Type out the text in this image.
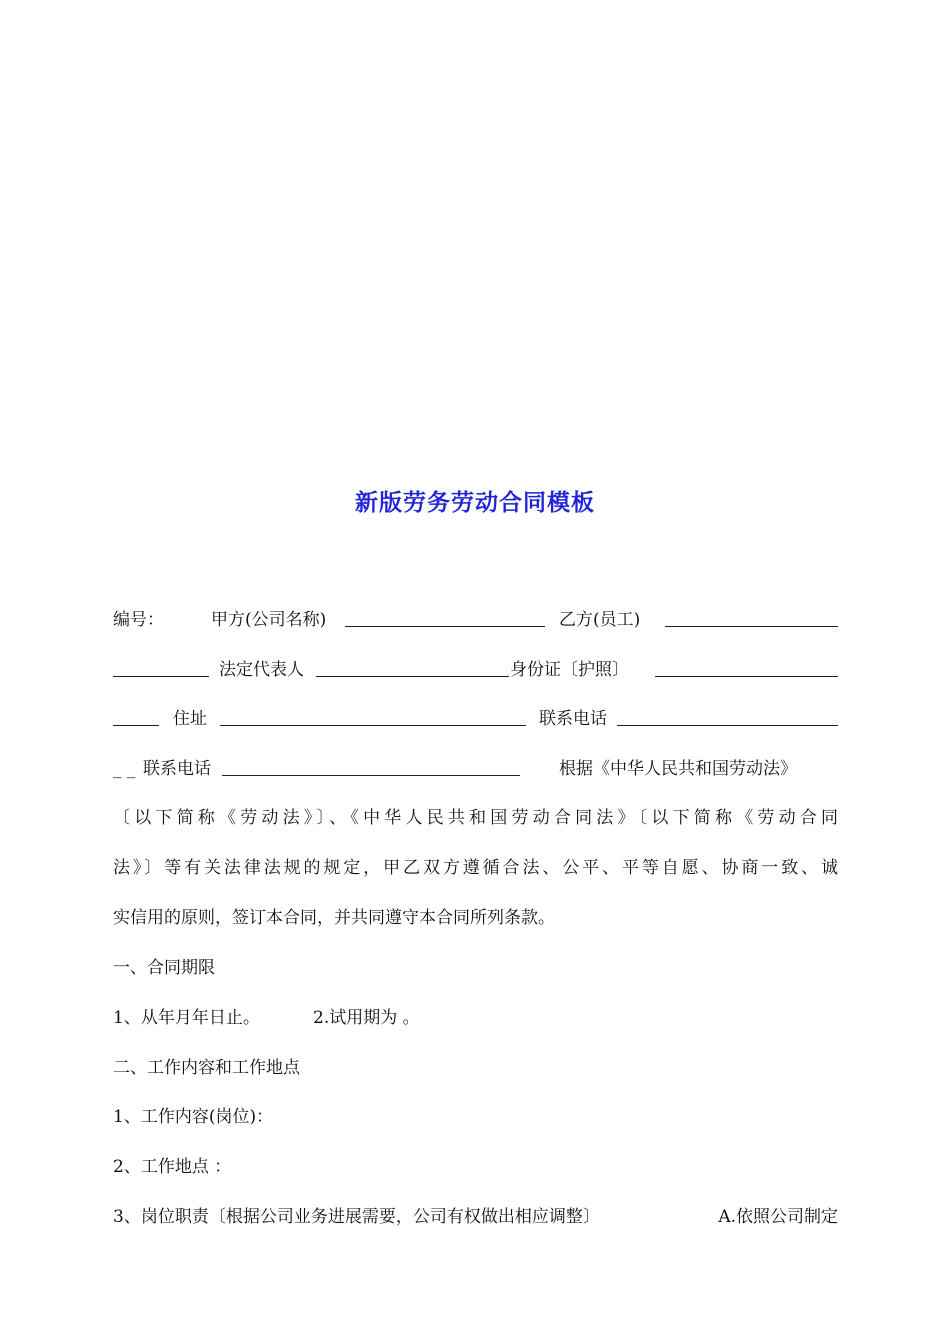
新版劳务劳动合同模板
编号：	甲方(公司名称)	乙方(员工)
法定代表人	身份证〔护照〕
住址	联系电话
_ _ 联系电话	根据《中华人民共和国劳动法》
〔以下简称《劳动法》〕、《中华人民共和国劳动合同法》〔以下简称《劳动合同
法》〕等有关法律法规的规定，甲乙双方遵循合法、公平、平等自愿、协商一致、诚
实信用的原则，签订本合同，并共同遵守本合同所列条款。
一、合同期限
1、从年月年日止。	2.试用期为 。
二、工作内容和工作地点
1、工作内容(岗位)：
2、工作地点 ：
3、岗位职责〔根据公司业务进展需要，公司有权做出相应调整〕	A.依照公司制定
